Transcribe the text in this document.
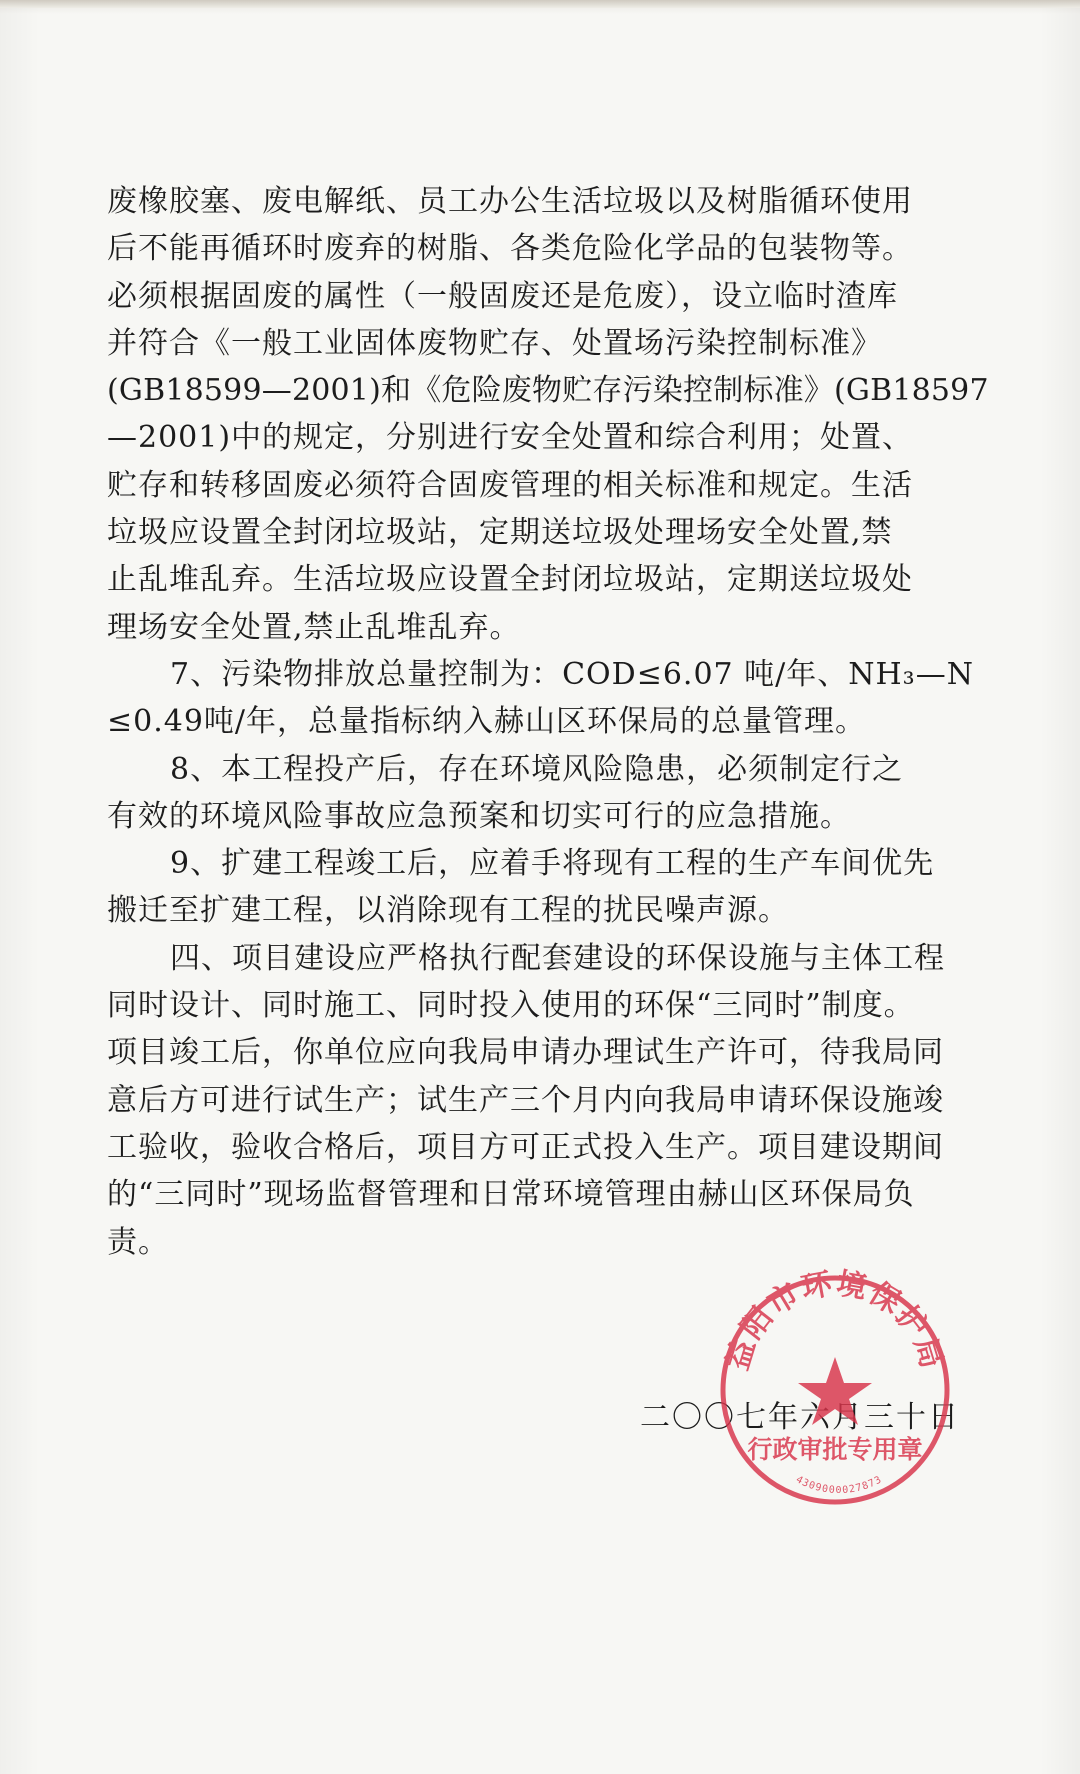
废橡胶塞、废电解纸、员工办公生活垃圾以及树脂循环使用
后不能再循环时废弃的树脂、各类危险化学品的包装物等。
必须根据固废的属性（一般固废还是危废），设立临时渣库
并符合《一般工业固体废物贮存、处置场污染控制标准》
(GB18599—2001)和《危险废物贮存污染控制标准》(GB18597
—2001)中的规定，分别进行安全处置和综合利用；处置、
贮存和转移固废必须符合固废管理的相关标准和规定。生活
垃圾应设置全封闭垃圾站，定期送垃圾处理场安全处置,禁
止乱堆乱弃。生活垃圾应设置全封闭垃圾站，定期送垃圾处
理场安全处置,禁止乱堆乱弃。
7、污染物排放总量控制为：COD≤6.07 吨/年、NH₃—N
≤0.49吨/年，总量指标纳入赫山区环保局的总量管理。
8、本工程投产后，存在环境风险隐患，必须制定行之
有效的环境风险事故应急预案和切实可行的应急措施。
9、扩建工程竣工后，应着手将现有工程的生产车间优先
搬迁至扩建工程，以消除现有工程的扰民噪声源。
四、项目建设应严格执行配套建设的环保设施与主体工程
同时设计、同时施工、同时投入使用的环保“三同时”制度。
项目竣工后，你单位应向我局申请办理试生产许可，待我局同
意后方可进行试生产；试生产三个月内向我局申请环保设施竣
工验收，验收合格后，项目方可正式投入生产。项目建设期间
的“三同时”现场监督管理和日常环境管理由赫山区环保局负
责。
二〇〇七年六月三十日
益阳市环境保护局
行政审批专用章
4309000027873
